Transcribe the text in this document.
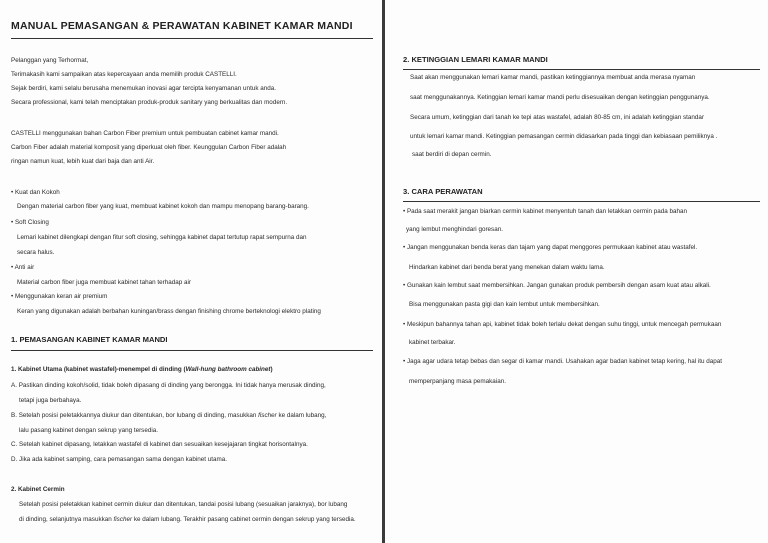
MANUAL PEMASANGAN & PERAWATAN KABINET KAMAR MANDI
Pelanggan yang Terhormat,
Terimakasih kami sampaikan atas kepercayaan anda memilih produk CASTELLI.
Sejak berdiri, kami selalu berusaha menemukan inovasi agar tercipta kenyamanan untuk anda.
Secara professional, kami telah menciptakan produk-produk sanitary yang berkualitas dan modern.
CASTELLI menggunakan bahan Carbon Fiber premium untuk pembuatan cabinet kamar mandi.
Carbon Fiber adalah material komposit yang diperkuat oleh fiber. Keunggulan Carbon Fiber adalah
ringan namun kuat, lebih kuat dari baja dan anti Air.
• Kuat dan Kokoh
Dengan material carbon fiber yang kuat, membuat kabinet kokoh dan mampu menopang barang-barang.
• Soft Closing
Lemari kabinet dilengkapi dengan fitur soft closing, sehingga kabinet dapat tertutup rapat sempurna dan
secara halus.
• Anti air
Material carbon fiber juga membuat kabinet tahan terhadap air
• Menggunakan keran air premium
Keran yang digunakan adalah berbahan kuningan/brass dengan finishing chrome berteknologi elektro plating
1. PEMASANGAN KABINET KAMAR MANDI
1. Kabinet Utama (kabinet wastafel)-menempel di dinding (Wall-hung bathroom cabinet)
A. Pastikan dinding kokoh/solid, tidak boleh dipasang di dinding yang berongga. Ini tidak hanya merusak dinding,
tetapi juga berbahaya.
B. Setelah posisi peletakkannya diukur dan ditentukan, bor lubang di dinding, masukkan fischer ke dalam lubang,
lalu pasang kabinet dengan sekrup yang tersedia.
C. Setelah kabinet dipasang, letakkan wastafel di kabinet dan sesuaikan kesejajaran tingkat horisontalnya.
D. Jika ada kabinet samping, cara pemasangan sama dengan kabinet utama.
2. Kabinet Cermin
Setelah posisi peletakkan kabinet cermin diukur dan ditentukan, tandai posisi lubang (sesuaikan jaraknya), bor lubang
di dinding, selanjutnya masukkan fischer ke dalam lubang. Terakhir pasang cabinet cermin dengan sekrup yang tersedia.
2. KETINGGIAN LEMARI KAMAR MANDI
Saat akan menggunakan lemari kamar mandi, pastikan ketinggiannya membuat anda merasa nyaman
saat menggunakannya. Ketinggian lemari kamar mandi perlu disesuaikan dengan ketinggian penggunanya.
Secara umum, ketinggian dari tanah ke tepi atas wastafel, adalah 80-85 cm, ini adalah ketinggian standar
untuk lemari kamar mandi. Ketinggian pemasangan cermin didasarkan pada tinggi dan kebiasaan pemiliknya .
saat berdiri di depan cermin.
3. CARA PERAWATAN
• Pada saat merakit jangan biarkan cermin kabinet menyentuh tanah dan letakkan cermin pada bahan
yang lembut menghindari goresan.
• Jangan menggunakan benda keras dan tajam yang dapat menggores permukaan kabinet atau wastafel.
Hindarkan kabinet dari benda berat yang menekan dalam waktu lama.
• Gunakan kain lembut saat membersihkan. Jangan gunakan produk pembersih dengan asam kuat atau alkali.
Bisa menggunakan pasta gigi dan kain lembut untuk membersihkan.
• Meskipun bahannya tahan api, kabinet tidak boleh terlalu dekat dengan suhu tinggi, untuk mencegah permukaan
kabinet terbakar.
• Jaga agar udara tetap bebas dan segar di kamar mandi. Usahakan agar badan kabinet tetap kering, hal itu dapat
memperpanjang masa pemakaian.
